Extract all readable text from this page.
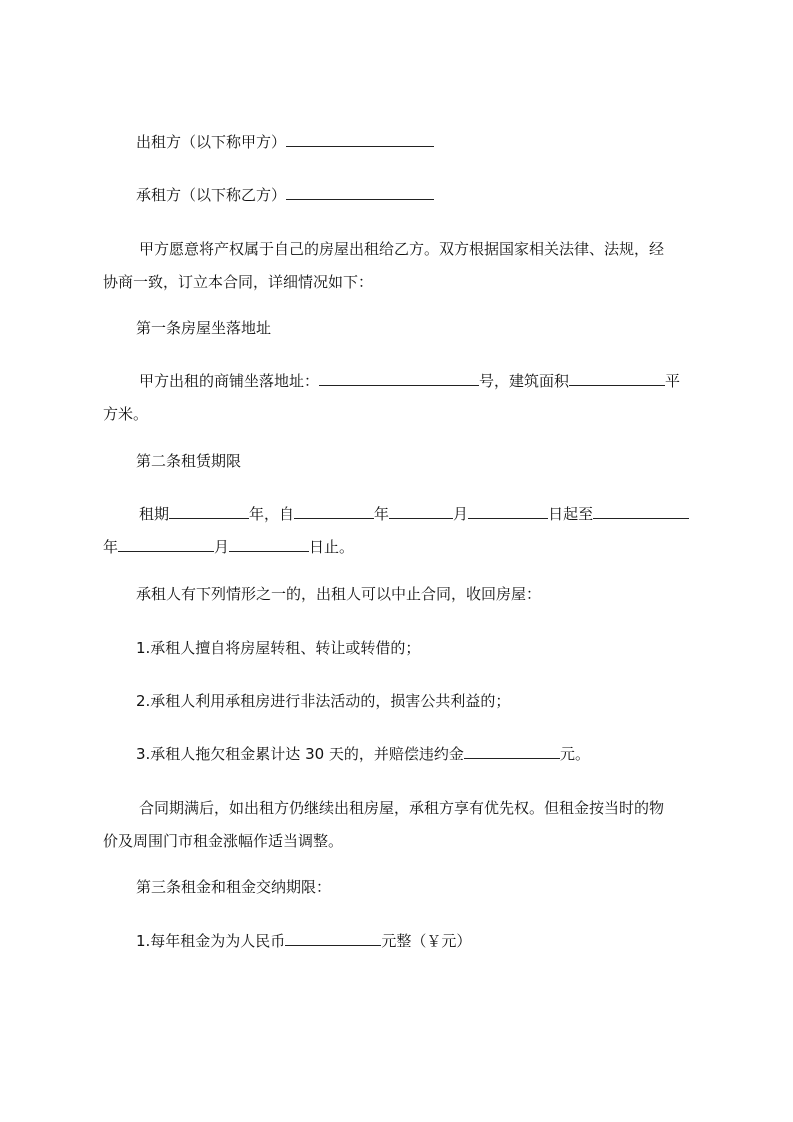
出租方（以下称甲方）
承租方（以下称乙方）
甲方愿意将产权属于自己的房屋出租给乙方。双方根据国家相关法律、法规，经
协商一致，订立本合同，详细情况如下：
第一条房屋坐落地址
甲方出租的商铺坐落地址：	号，建筑面积	平
方米。
第二条租赁期限
租期	年，自	年	月	日起至
年	月	日止。
承租人有下列情形之一的，出租人可以中止合同，收回房屋：
1.承租人擅自将房屋转租、转让或转借的；
2.承租人利用承租房进行非法活动的，损害公共利益的；
3.承租人拖欠租金累计达 30 天的，并赔偿违约金	元。
合同期满后，如出租方仍继续出租房屋，承租方享有优先权。但租金按当时的物
价及周围门市租金涨幅作适当调整。
第三条租金和租金交纳期限：
1.每年租金为为人民币	元整（￥元）
